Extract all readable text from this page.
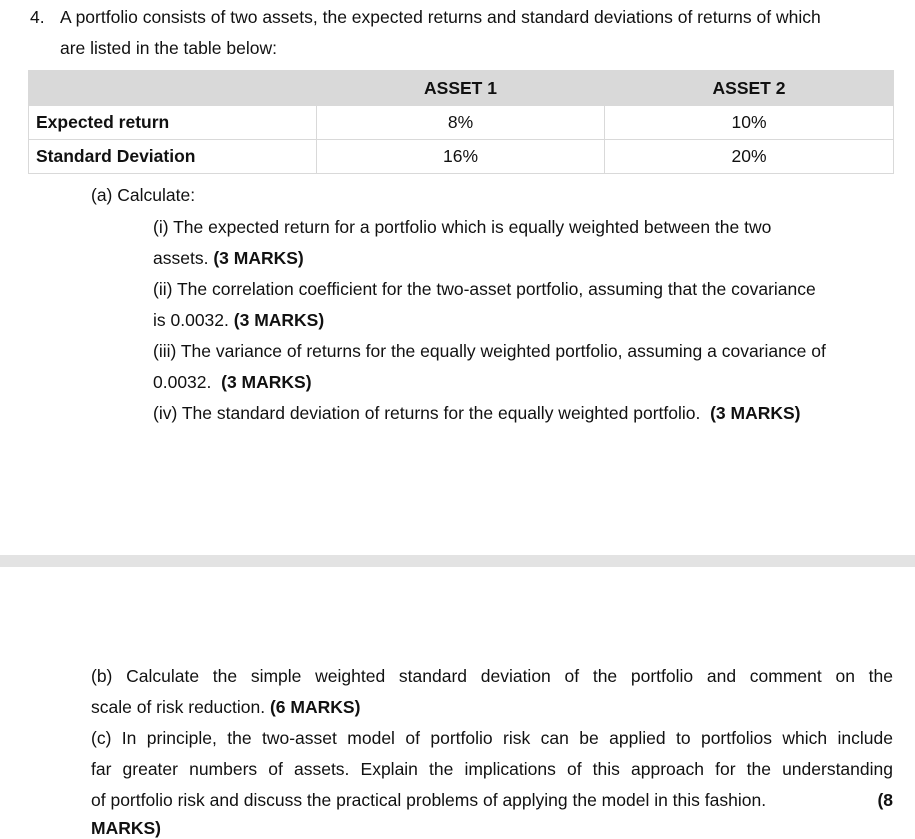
4. A portfolio consists of two assets, the expected returns and standard deviations of returns of which
are listed in the table below:
	ASSET 1	ASSET 2
Expected return	8%	10%
Standard Deviation	16%	20%
(a) Calculate:
(i) The expected return for a portfolio which is equally weighted between the two
assets. (3 MARKS)
(ii) The correlation coefficient for the two-asset portfolio, assuming that the covariance
is 0.0032. (3 MARKS)
(iii) The variance of returns for the equally weighted portfolio, assuming a covariance of
0.0032. (3 MARKS)
(iv) The standard deviation of returns for the equally weighted portfolio. (3 MARKS)
(b) Calculate the simple weighted standard deviation of the portfolio and comment on the
scale of risk reduction. (6 MARKS)
(c) In principle, the two-asset model of portfolio risk can be applied to portfolios which include
far greater numbers of assets. Explain the implications of this approach for the understanding
of portfolio risk and discuss the practical problems of applying the model in this fashion.	(8
MARKS)
